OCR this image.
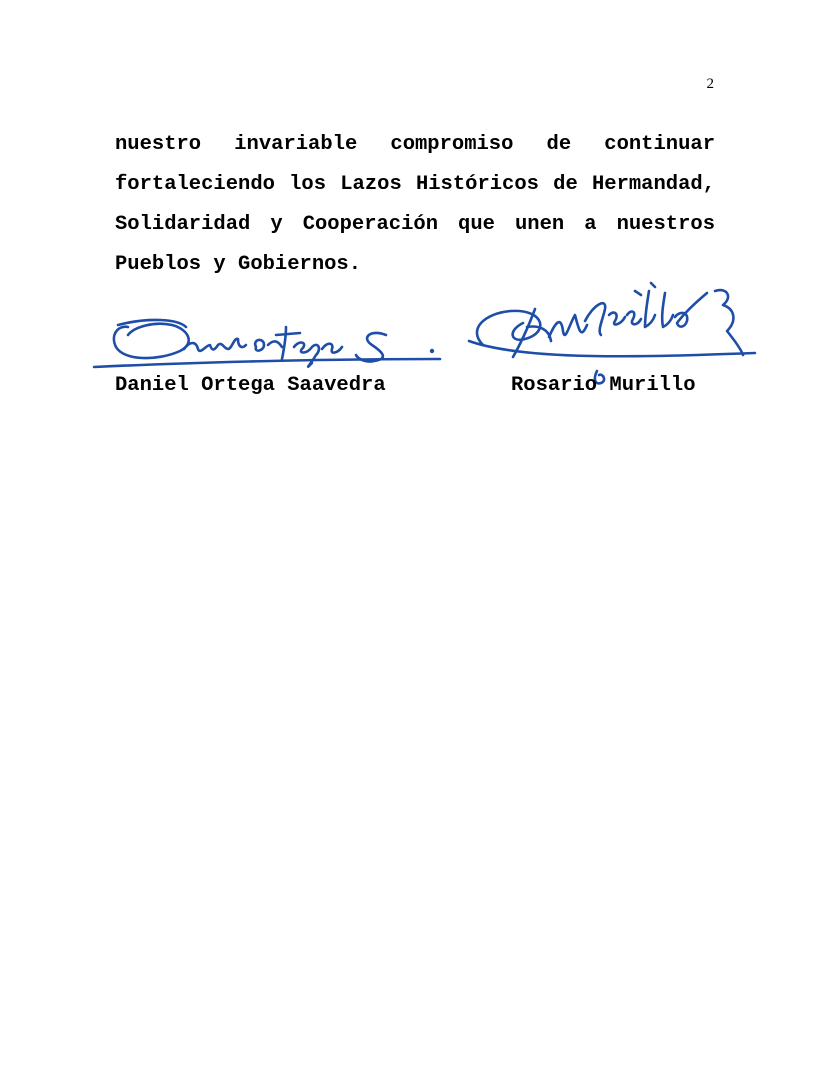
2
nuestro invariable compromiso de continuar
fortaleciendo los Lazos Históricos de Hermandad,
Solidaridad y Cooperación que unen a nuestros
Pueblos y Gobiernos.
Daniel Ortega Saavedra	Rosario Murillo
